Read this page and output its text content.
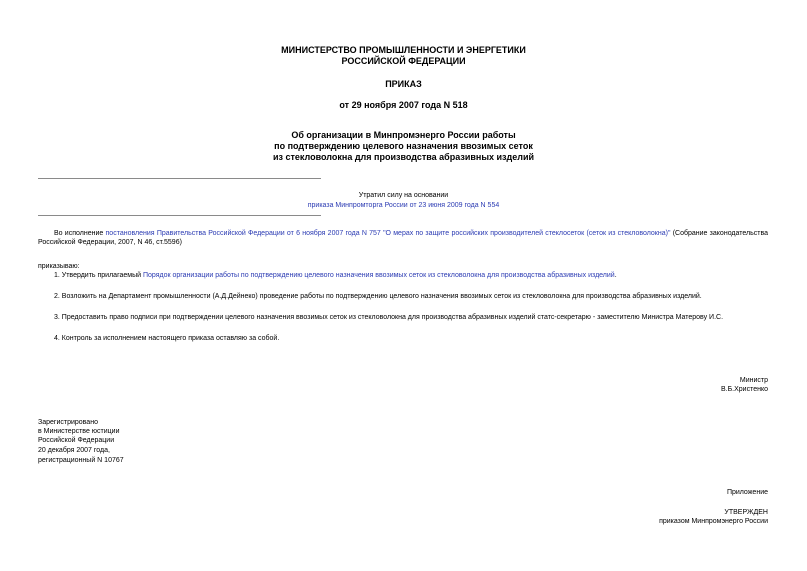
МИНИСТЕРСТВО ПРОМЫШЛЕННОСТИ И ЭНЕРГЕТИКИ
РОССИЙСКОЙ ФЕДЕРАЦИИ
ПРИКАЗ
от 29 ноября 2007 года N 518
Об организации в Минпромэнерго России работы
по подтверждению целевого назначения ввозимых сеток
из стекловолокна для производства абразивных изделий
Утратил силу на основании
приказа Минпромторга России от 23 июня 2009 года N 554
Во исполнение постановления Правительства Российской Федерации от 6 ноября 2007 года N 757 "О мерах по защите российских производителей стеклосеток (сеток из стекловолокна)" (Собрание законодательства Российской Федерации, 2007, N 46, ст.5596)
приказываю:
1. Утвердить прилагаемый Порядок организации работы по подтверждению целевого назначения ввозимых сеток из стекловолокна для производства абразивных изделий.
2. Возложить на Департамент промышленности (А.Д.Дейнеко) проведение работы по подтверждению целевого назначения ввозимых сеток из стекловолокна для производства абразивных изделий.
3. Предоставить право подписи при подтверждении целевого назначения ввозимых сеток из стекловолокна для производства абразивных изделий статс-секретарю - заместителю Министра Матерову И.С.
4. Контроль за исполнением настоящего приказа оставляю за собой.
Министр
В.Б.Христенко
Зарегистрировано
в Министерстве юстиции
Российской Федерации
20 декабря 2007 года,
регистрационный N 10767
Приложение
УТВЕРЖДЕН
приказом Минпромэнерго России
